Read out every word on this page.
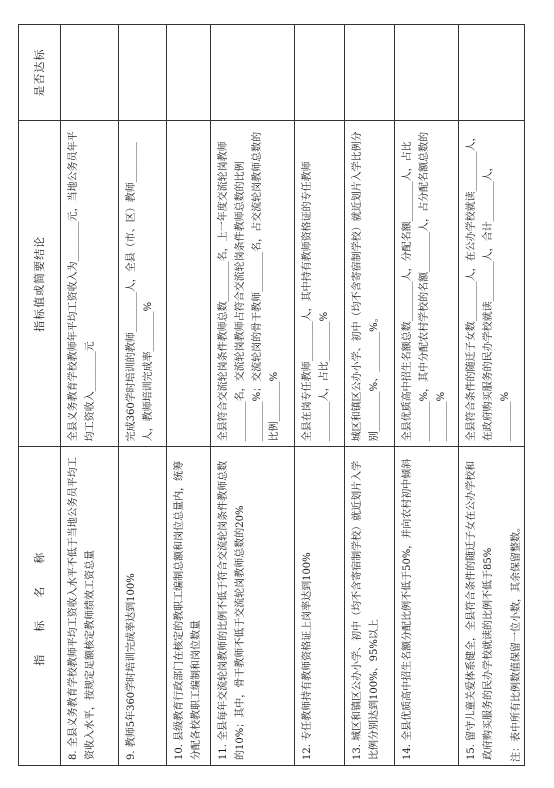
指　标　名　称	指标值或简要结论	是否达标
8. 全县义务教育学校教师平均工资收入水平不低于当地公务员平均工资收入水平，按规定足额核定教师绩效工资总量	全县义务教育学校教师年平均工资收入为________元，当地公务员年平均工资收入________元	
9. 教师5年360学时培训完成率达到100%	完成360学时培训的教师________人，全县（市、区）教师________人，教师培训完成率________%	
10. 县级教育行政部门在核定的教职工编制总额和岗位总量内，统筹分配各校教职工编制和岗位数量		
11. 全县每年交流轮岗教师的比例不低于符合交流轮岗条件教师总数的10%；其中，骨干教师不低于交流轮岗教师总数的20%	全县符合交流轮岗条件教师总数________名，上一年度交流轮岗教师________名，交流轮岗教师占符合交流轮岗条件教师总数的比例________%；交流轮岗的骨干教师________名，占交流轮岗教师总数的比例________%	
12. 专任教师持有教师资格证上岗率达到100%	全县在岗专任教师________人，其中持有教师资格证的专任教师________人，占比________%	
13. 城区和镇区公办小学、初中（均不含寄宿制学校）就近划片入学比例分别达到100%、95%以上	城区和镇区公办小学、初中（均不含寄宿制学校）就近划片入学比例分别________%、________%。	
14. 全县优质高中招生名额分配比例不低于50%，并向农村初中倾斜	全县优质高中招生名额总数________人，分配名额________人，占比________%，其中分配农村学校的名额________人，占分配名额总数的________%	
15. 留守儿童关爱体系健全，全县符合条件的随迁子女在公办学校和政府购买服务的民办学校就读的比例不低于85%	全县符合条件的随迁子女数________人，在公办学校就读________人，在政府购买服务的民办学校就读________人，合计________人，________%	
注：表中所有比例数值保留一位小数，其余保留整数。
